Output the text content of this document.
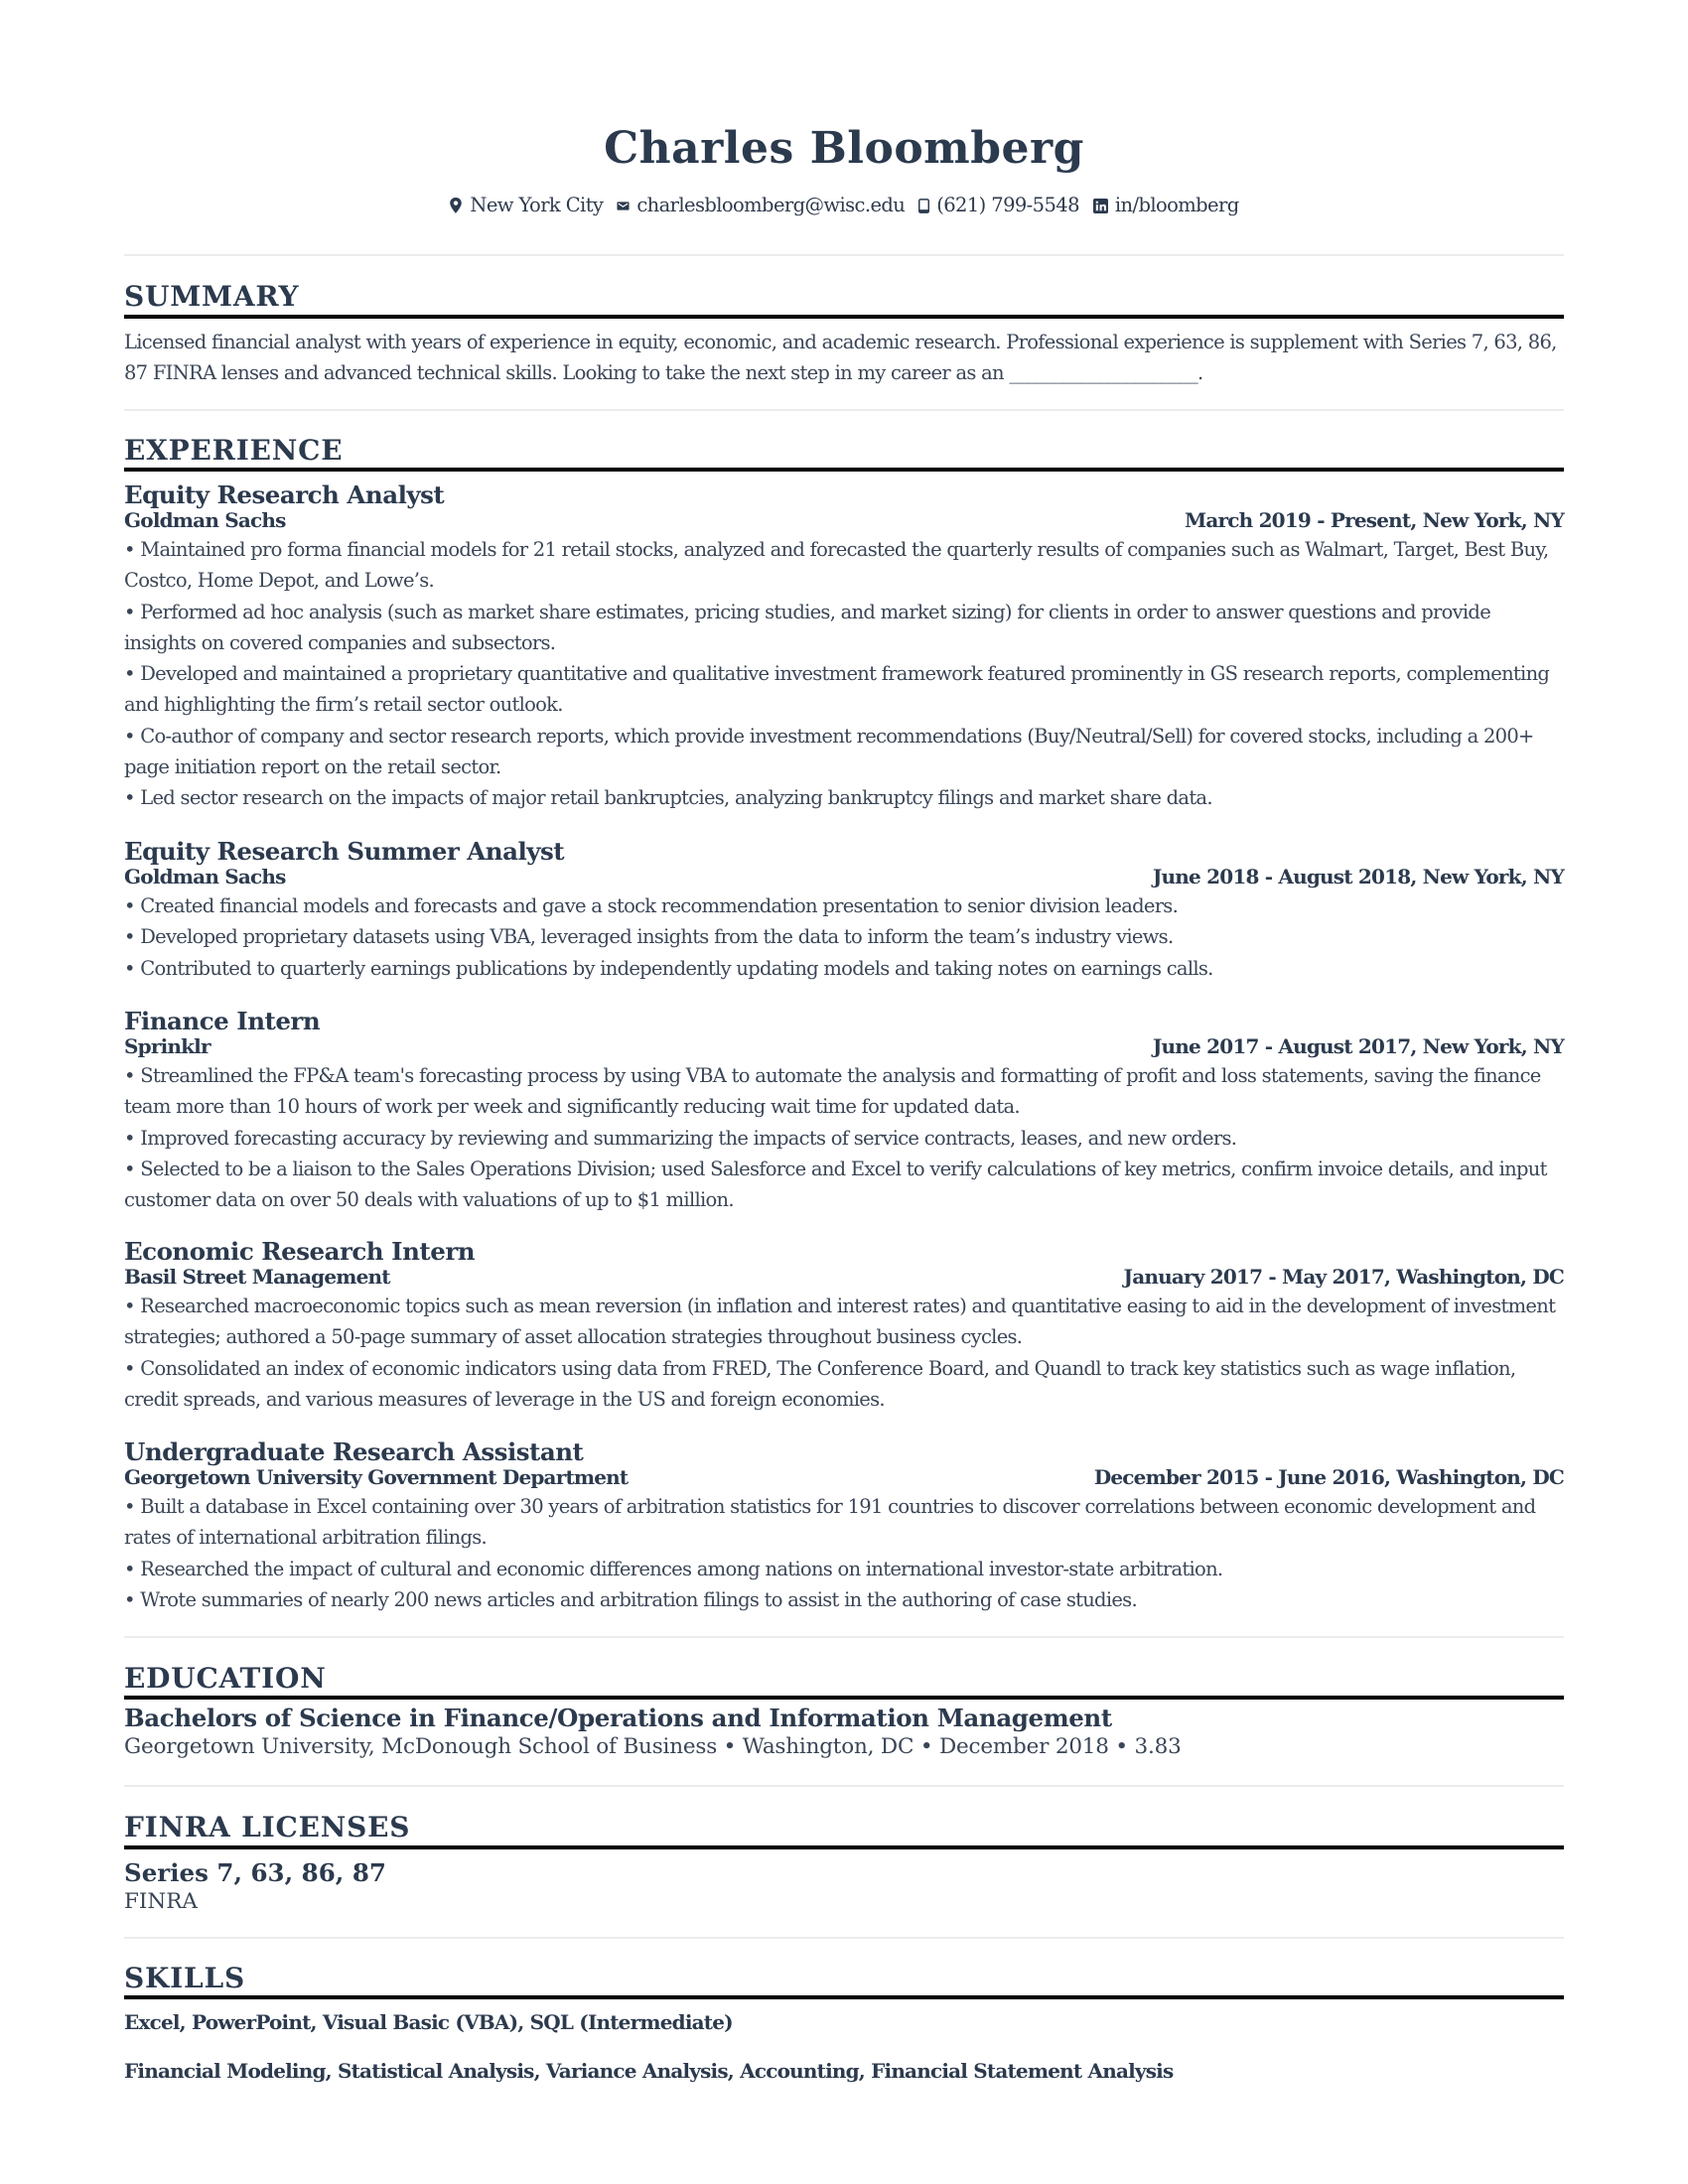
Charles Bloomberg
New York City charlesbloomberg@wisc.edu (621) 799-5548 in/bloomberg
SUMMARY
Licensed financial analyst with years of experience in equity, economic, and academic research. Professional experience is supplement with Series 7, 63, 86, 87 FINRA lenses and advanced technical skills. Looking to take the next step in my career as an _____________________.
EXPERIENCE
Equity Research Analyst
Goldman Sachs	March 2019 - Present, New York, NY
• Maintained pro forma financial models for 21 retail stocks, analyzed and forecasted the quarterly results of companies such as Walmart, Target, Best Buy, Costco, Home Depot, and Lowe’s.
• Performed ad hoc analysis (such as market share estimates, pricing studies, and market sizing) for clients in order to answer questions and provide insights on covered companies and subsectors.
• Developed and maintained a proprietary quantitative and qualitative investment framework featured prominently in GS research reports, complementing and highlighting the firm’s retail sector outlook.
• Co-author of company and sector research reports, which provide investment recommendations (Buy/Neutral/Sell) for covered stocks, including a 200+ page initiation report on the retail sector.
• Led sector research on the impacts of major retail bankruptcies, analyzing bankruptcy filings and market share data.
Equity Research Summer Analyst
Goldman Sachs	June 2018 - August 2018, New York, NY
• Created financial models and forecasts and gave a stock recommendation presentation to senior division leaders.
• Developed proprietary datasets using VBA, leveraged insights from the data to inform the team’s industry views.
• Contributed to quarterly earnings publications by independently updating models and taking notes on earnings calls.
Finance Intern
Sprinklr	June 2017 - August 2017, New York, NY
• Streamlined the FP&A team's forecasting process by using VBA to automate the analysis and formatting of profit and loss statements, saving the finance team more than 10 hours of work per week and significantly reducing wait time for updated data.
• Improved forecasting accuracy by reviewing and summarizing the impacts of service contracts, leases, and new orders.
• Selected to be a liaison to the Sales Operations Division; used Salesforce and Excel to verify calculations of key metrics, confirm invoice details, and input customer data on over 50 deals with valuations of up to $1 million.
Economic Research Intern
Basil Street Management	January 2017 - May 2017, Washington, DC
• Researched macroeconomic topics such as mean reversion (in inflation and interest rates) and quantitative easing to aid in the development of investment strategies; authored a 50-page summary of asset allocation strategies throughout business cycles.
• Consolidated an index of economic indicators using data from FRED, The Conference Board, and Quandl to track key statistics such as wage inflation, credit spreads, and various measures of leverage in the US and foreign economies.
Undergraduate Research Assistant
Georgetown University Government Department	December 2015 - June 2016, Washington, DC
• Built a database in Excel containing over 30 years of arbitration statistics for 191 countries to discover correlations between economic development and rates of international arbitration filings.
• Researched the impact of cultural and economic differences among nations on international investor-state arbitration.
• Wrote summaries of nearly 200 news articles and arbitration filings to assist in the authoring of case studies.
EDUCATION
Bachelors of Science in Finance/Operations and Information Management
Georgetown University, McDonough School of Business • Washington, DC • December 2018 • 3.83
FINRA LICENSES
Series 7, 63, 86, 87
FINRA
SKILLS
Excel, PowerPoint, Visual Basic (VBA), SQL (Intermediate)
Financial Modeling, Statistical Analysis, Variance Analysis, Accounting, Financial Statement Analysis
